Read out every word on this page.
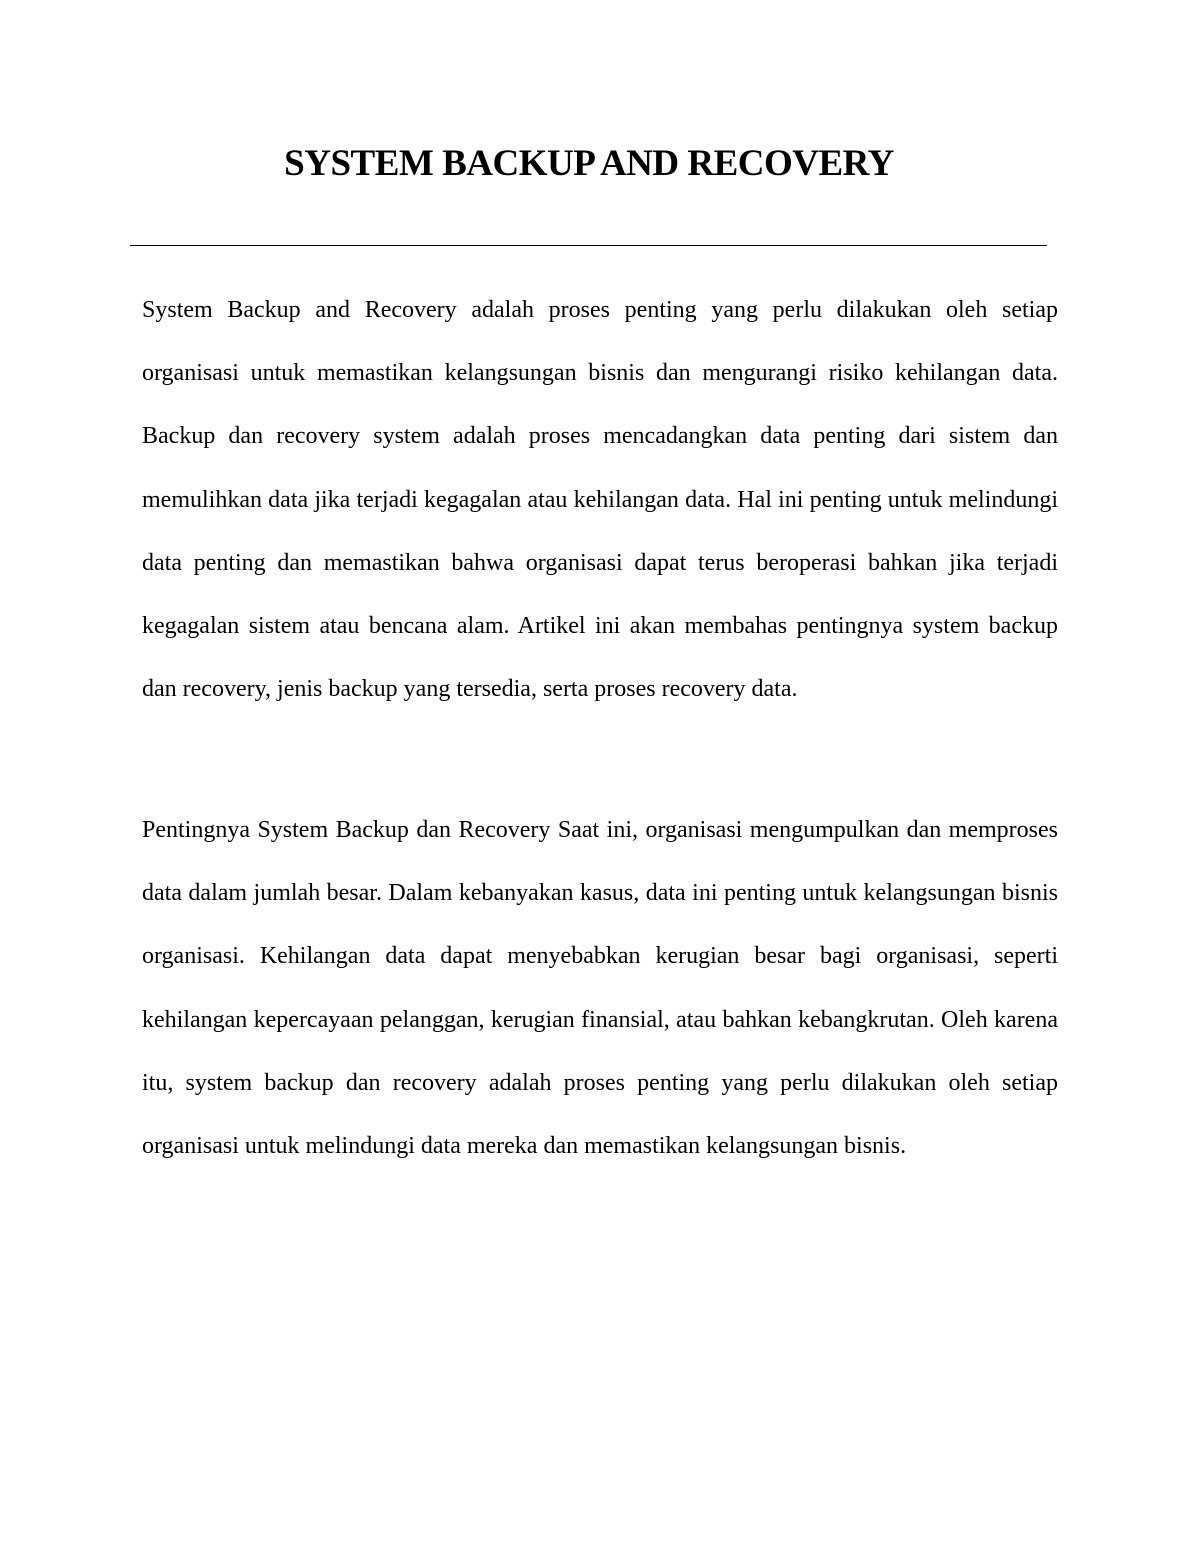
SYSTEM BACKUP AND RECOVERY

System Backup and Recovery adalah proses penting yang perlu dilakukan oleh setiap organisasi untuk memastikan kelangsungan bisnis dan mengurangi risiko kehilangan data. Backup dan recovery system adalah proses mencadangkan data penting dari sistem dan memulihkan data jika terjadi kegagalan atau kehilangan data. Hal ini penting untuk melindungi data penting dan memastikan bahwa organisasi dapat terus beroperasi bahkan jika terjadi kegagalan sistem atau bencana alam. Artikel ini akan membahas pentingnya system backup dan recovery, jenis backup yang tersedia, serta proses recovery data.

Pentingnya System Backup dan Recovery Saat ini, organisasi mengumpulkan dan memproses data dalam jumlah besar. Dalam kebanyakan kasus, data ini penting untuk kelangsungan bisnis organisasi. Kehilangan data dapat menyebabkan kerugian besar bagi organisasi, seperti kehilangan kepercayaan pelanggan, kerugian finansial, atau bahkan kebangkrutan. Oleh karena itu, system backup dan recovery adalah proses penting yang perlu dilakukan oleh setiap organisasi untuk melindungi data mereka dan memastikan kelangsungan bisnis.
